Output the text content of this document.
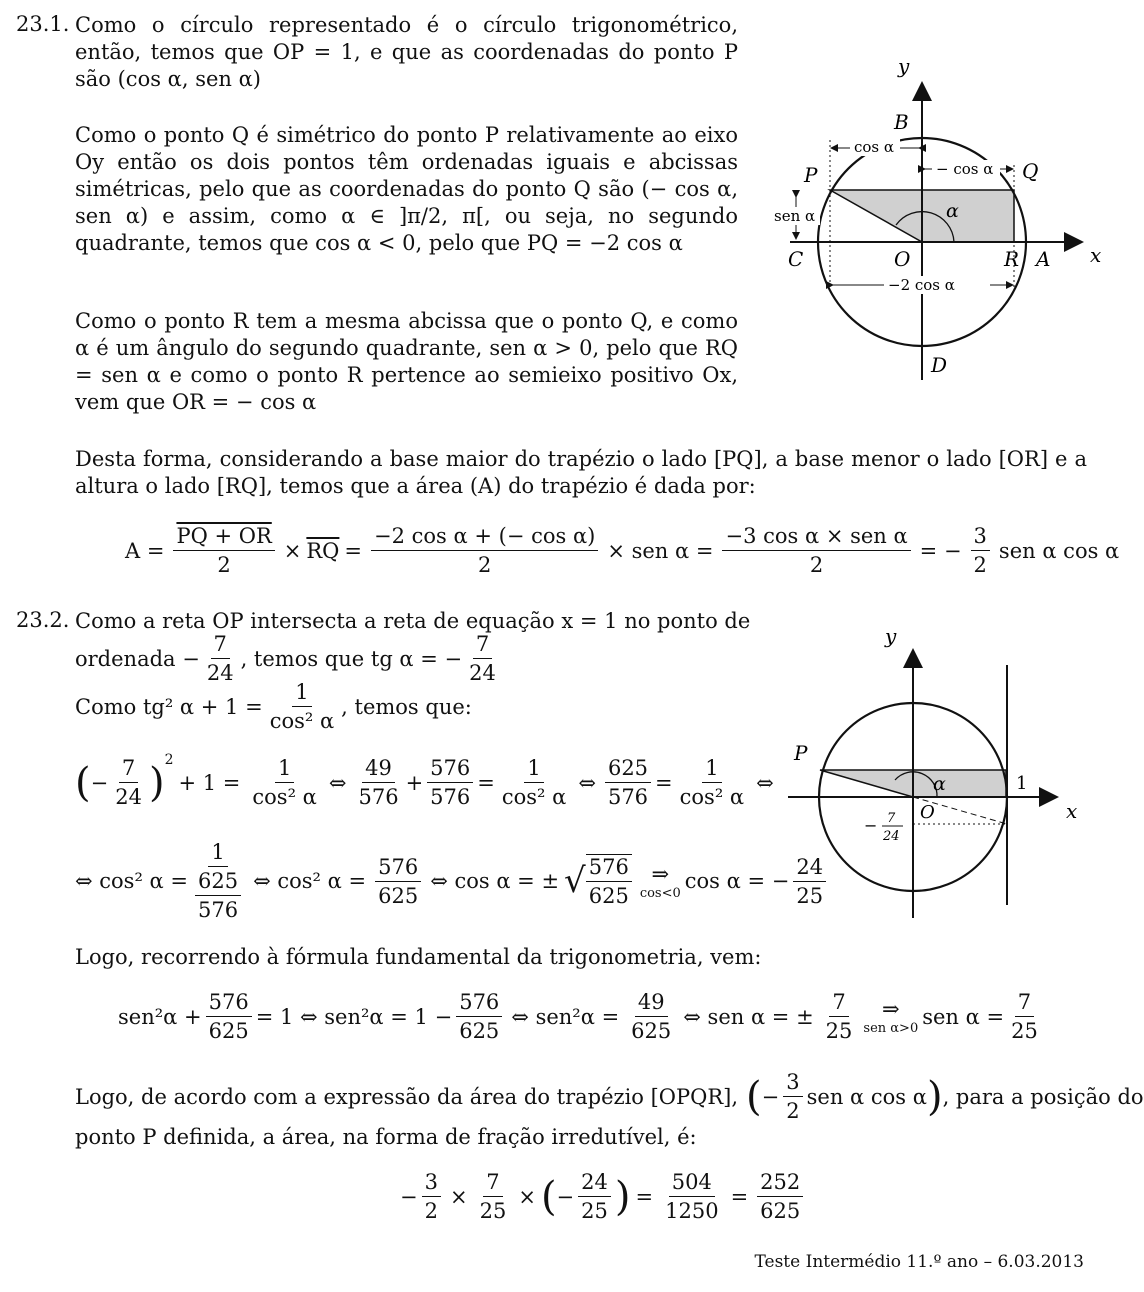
23.1. Como o círculo representado é o círculo trigonométrico, então, temos que OP = 1, e que as coordenadas do ponto P são (cos α, sen α)

Como o ponto Q é simétrico do ponto P relativamente ao eixo Oy então os dois pontos têm ordenadas iguais e abcissas simétricas, pelo que as coordenadas do ponto Q são (− cos α, sen α) e assim, como α ∈ ]π/2, π[, ou seja, no segundo quadrante, temos que cos α < 0, pelo que PQ = −2 cos α

Como o ponto R tem a mesma abcissa que o ponto Q, e como α é um ângulo do segundo quadrante, sen α > 0, pelo que RQ = sen α e como o ponto R pertence ao semieixo positivo Ox, vem que OR = − cos α

Desta forma, considerando a base maior do trapézio o lado [PQ], a base menor o lado [OR] e a altura o lado [RQ], temos que a área (A) do trapézio é dada por:

$A = \frac{PQ + OR}{2} \times \overline{RQ} = \frac{\text{−2 cos α + (− cos α)}}{2}$ × sen $\alpha = \frac{\text{−3 cos α × sen α}}{2}$ = − $\frac{3}{2}$ sen α cos α
y
x
B
P	Q
C	O	R A
D
α
cos α
− cos α
sen α
−2 cos α
23.2. Como a reta OP intersecta a reta de equação x = 1 no ponto de
ordenada − $\frac{7}{24}$ , temos que tg α = − $\frac{7}{24}$
Como tg² $\alpha + 1 = \frac{1}{\text{cos² α}}$ , temos que:
( − $\frac{7}{24}$ ) 2
+ $1 = \frac{1}{\text{cos² α}}$ ⇔ $\frac{49}{576} + \frac{576}{576} = \frac{1}{\text{cos² α}}$ ⇔ $\frac{625}{576} = \frac{1}{\text{cos² α}}$ ⇔
⇔ cos² $\alpha = \frac{1}{\frac{625}{576}}$ ⇔ cos² $\alpha = \frac{576}{625}$ ⇔ cos α = ± √ $\frac{576}{625}$ ⇒
cos<0 cos α = − $\frac{24}{25}$
Logo, recorrendo à fórmula fundamental da trigonometria, vem:
$sen^2\alpha + \frac{576}{625} = 1$ ⇔ $sen^2\alpha = 1 - \frac{576}{625}$ ⇔ $sen^2\alpha = \frac{49}{625}$ ⇔ sen α = ± $\frac{7}{25}$ ⇒
sen α>0 sen $\alpha = \frac{7}{25}$
Logo, de acordo com a expressão da área do trapézio [OPQR], ( − $\frac{3}{2}$ sen α cos α ) , para a posição do
ponto P definida, a área, na forma de fração irredutível, é:
− $\frac{3}{2} \times \frac{7}{25}$ × ( − $\frac{24}{25}$ ) = $\frac{504}{1250} = \frac{252}{625}$
y
x
P
O
α	1
− 7
24
Teste Intermédio 11.º ano – 6.03.2013
